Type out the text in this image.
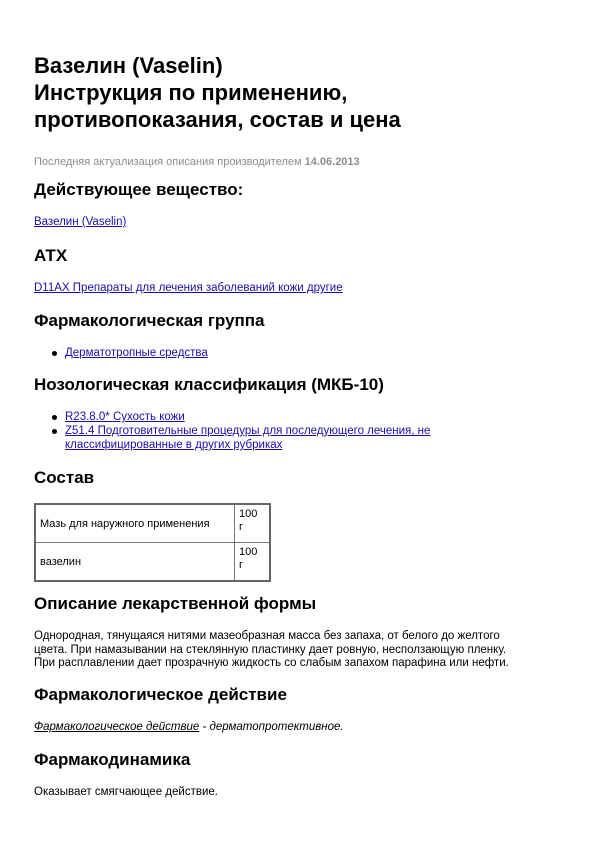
Вазелин (Vaselin)
Инструкция по применению,
противопоказания, состав и цена
Последняя актуализация описания производителем 14.06.2013
Действующее вещество:
Вазелин (Vaselin)
АТХ
D11AX Препараты для лечения заболеваний кожи другие
Фармакологическая группа
Дерматотропные средства
Нозологическая классификация (МКБ-10)
R23.8.0* Сухость кожи
Z51.4 Подготовительные процедуры для последующего лечения, не
классифицированные в других рубриках
Состав
Мазь для наружного применения	100
г
вазелин	100
г
Описание лекарственной формы

Однородная, тянущаяся нитями мазеобразная масса без запаха, от белого до желтого
цвета. При намазывании на стеклянную пластинку дает ровную, несползающую пленку.
При расплавлении дает прозрачную жидкость со слабым запахом парафина или нефти.

Фармакологическое действие

Фармакологическое действие - дерматопротективное.

Фармакодинамика

Оказывает смягчающее действие.
